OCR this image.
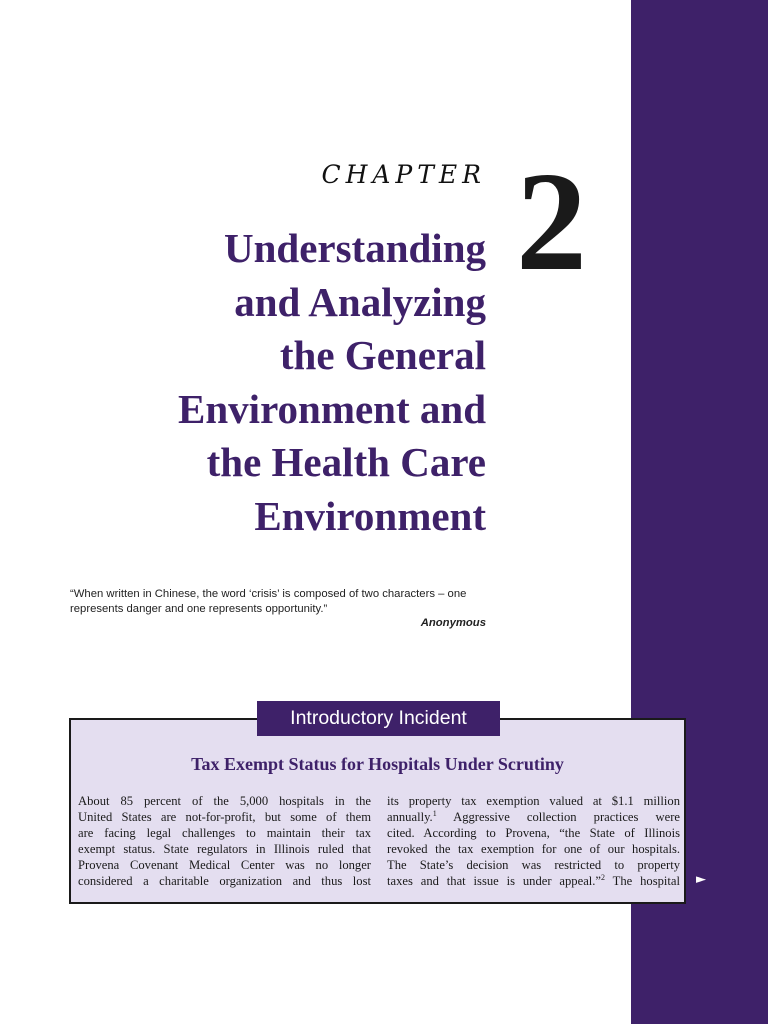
CHAPTER 2
Understanding
and Analyzing
the General
Environment and
the Health Care
Environment

“When written in Chinese, the word ‘crisis’ is composed of two characters – one represents danger and one represents opportunity.”

Anonymous
Introductory Incident
Tax Exempt Status for Hospitals Under Scrutiny

About 85 percent of the 5,000 hospitals in the
United States are not-for-profit, but some of them
are facing legal challenges to maintain their tax
exempt status. State regulators in Illinois ruled that
Provena Covenant Medical Center was no longer
considered a charitable organization and thus lost

its property tax exemption valued at $1.1 million
annually.$^1$ Aggressive collection practices were
cited. According to Provena, “the State of Illinois
revoked the tax exemption for one of our hospitals.
The State’s decision was restricted to property
taxes and that issue is under appeal.”$^2$ The hospital ►
